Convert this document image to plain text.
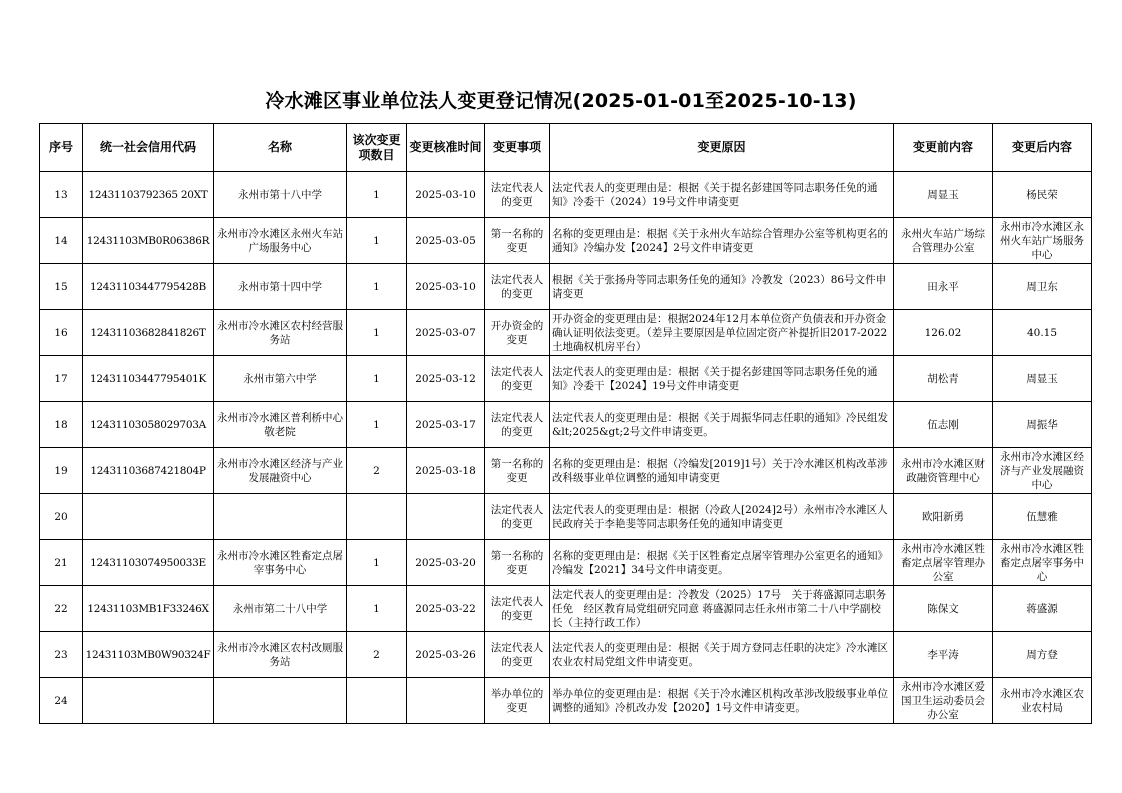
冷水滩区事业单位法人变更登记情况(2025-01-01至2025-10-13)
序号	统一社会信用代码	名称	该次变更项数目	变更核准时间	变更事项	变更原因	变更前内容	变更后内容
13	12431103792365 20XT	永州市第十八中学	1	2025-03-10	法定代表人的变更	法定代表人的变更理由是：根据《关于提名彭建国等同志职务任免的通知》冷委干（2024）19号文件申请变更	周显玉	杨民荣
14	12431103MB0R06386R	永州市冷水滩区永州火车站广场服务中心	1	2025-03-05	第一名称的变更	名称的变更理由是：根据《关于永州火车站综合管理办公室等机构更名的通知》冷编办发【2024】2号文件申请变更	永州火车站广场综合管理办公室	永州市冷水滩区永州火车站广场服务中心
15	12431103447795428B	永州市第十四中学	1	2025-03-10	法定代表人的变更	根据《关于张扬舟等同志职务任免的通知》冷教发（2023）86号文件申请变更	田永平	周卫东
16	12431103682841826T	永州市冷水滩区农村经营服务站	1	2025-03-07	开办资金的变更	开办资金的变更理由是：根据2024年12月本单位资产负债表和开办资金确认证明依法变更。（差异主要原因是单位固定资产补提折旧2017-2022土地确权机房平台）	126.02	40.15
17	12431103447795401K	永州市第六中学	1	2025-03-12	法定代表人的变更	法定代表人的变更理由是：根据《关于提名彭建国等同志职务任免的通知》冷委干【2024】19号文件申请变更	胡松青	周显玉
18	12431103058029703A	永州市冷水滩区普利桥中心敬老院	1	2025-03-17	法定代表人的变更	法定代表人的变更理由是：根据《关于周振华同志任职的通知》冷民组发&lt;2025&gt;2号文件申请变更。	伍志刚	周振华
19	12431103687421804P	永州市冷水滩区经济与产业发展融资中心	2	2025-03-18	第一名称的变更	名称的变更理由是：根据（冷编发[2019]1号）关于冷水滩区机构改革涉改科级事业单位调整的通知申请变更	永州市冷水滩区财政融资管理中心	永州市冷水滩区经济与产业发展融资中心
20					法定代表人的变更	法定代表人的变更理由是：根据（冷政人[2024]2号）永州市冷水滩区人民政府关于李艳斐等同志职务任免的通知申请变更	欧阳新勇	伍慧雅
21	12431103074950033E	永州市冷水滩区牲畜定点屠宰事务中心	1	2025-03-20	第一名称的变更	名称的变更理由是：根据《关于区牲畜定点屠宰管理办公室更名的通知》冷编发【2021】34号文件申请变更。	永州市冷水滩区牲畜定点屠宰管理办公室	永州市冷水滩区牲畜定点屠宰事务中心
22	12431103MB1F33246X	永州市第二十八中学	1	2025-03-22	法定代表人的变更	法定代表人的变更理由是：冷教发（2025）17号　关于蒋盛源同志职务任免　经区教育局党组研究同意 蒋盛源同志任永州市第二十八中学副校长（主持行政工作）	陈保文	蒋盛源
23	12431103MB0W90324F	永州市冷水滩区农村改厕服务站	2	2025-03-26	法定代表人的变更	法定代表人的变更理由是：根据《关于周方登同志任职的决定》冷水滩区农业农村局党组文件申请变更。	李平涛	周方登
24					举办单位的变更	举办单位的变更理由是：根据《关于冷水滩区机构改革涉改股级事业单位调整的通知》冷机改办发【2020】1号文件申请变更。	永州市冷水滩区爱国卫生运动委员会办公室	永州市冷水滩区农业农村局
